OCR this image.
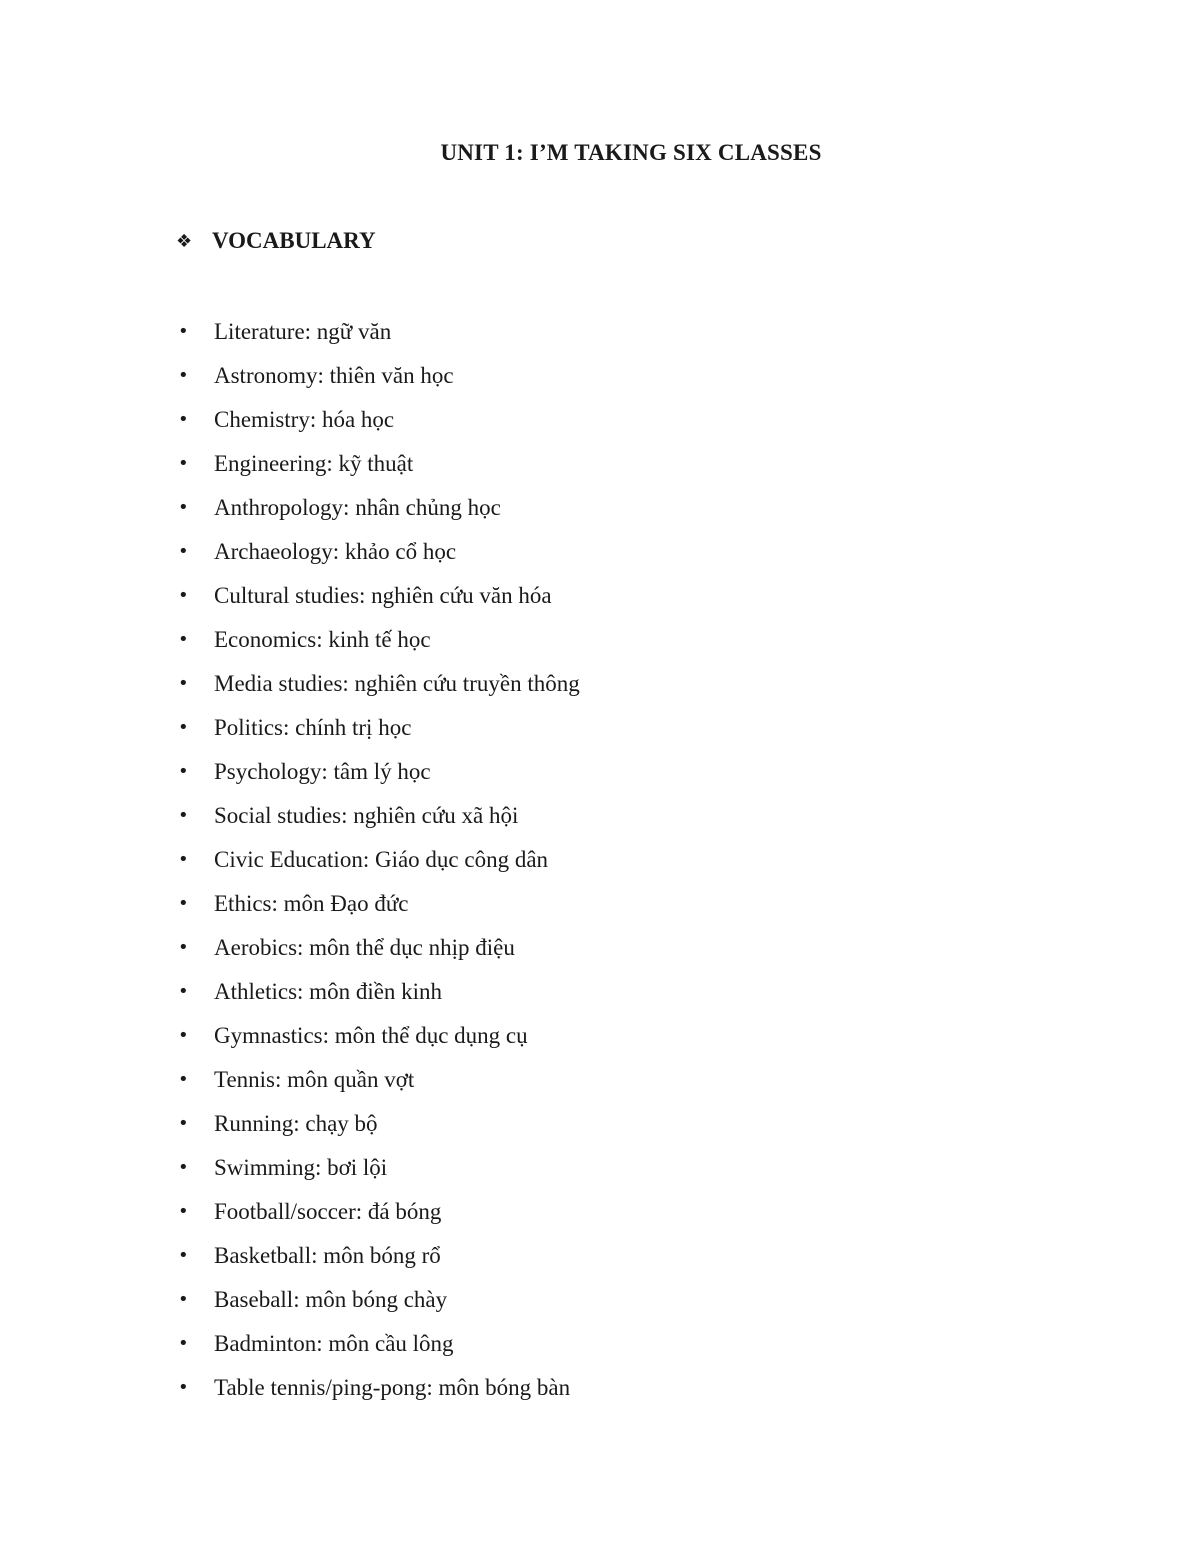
UNIT 1: I’M TAKING SIX CLASSES
❖ VOCABULARY
•	Literature: ngữ văn
•	Astronomy: thiên văn học
•	Chemistry: hóa học
•	Engineering: kỹ thuật
•	Anthropology: nhân chủng học
•	Archaeology: khảo cổ học
•	Cultural studies: nghiên cứu văn hóa
•	Economics: kinh tế học
•	Media studies: nghiên cứu truyền thông
•	Politics: chính trị học
•	Psychology: tâm lý học
•	Social studies: nghiên cứu xã hội
•	Civic Education: Giáo dục công dân
•	Ethics: môn Đạo đức
•	Aerobics: môn thể dục nhịp điệu
•	Athletics: môn điền kinh
•	Gymnastics: môn thể dục dụng cụ
•	Tennis: môn quần vợt
•	Running: chạy bộ
•	Swimming: bơi lội
•	Football/soccer: đá bóng
•	Basketball: môn bóng rổ
•	Baseball: môn bóng chày
•	Badminton: môn cầu lông
•	Table tennis/ping-pong: môn bóng bàn
